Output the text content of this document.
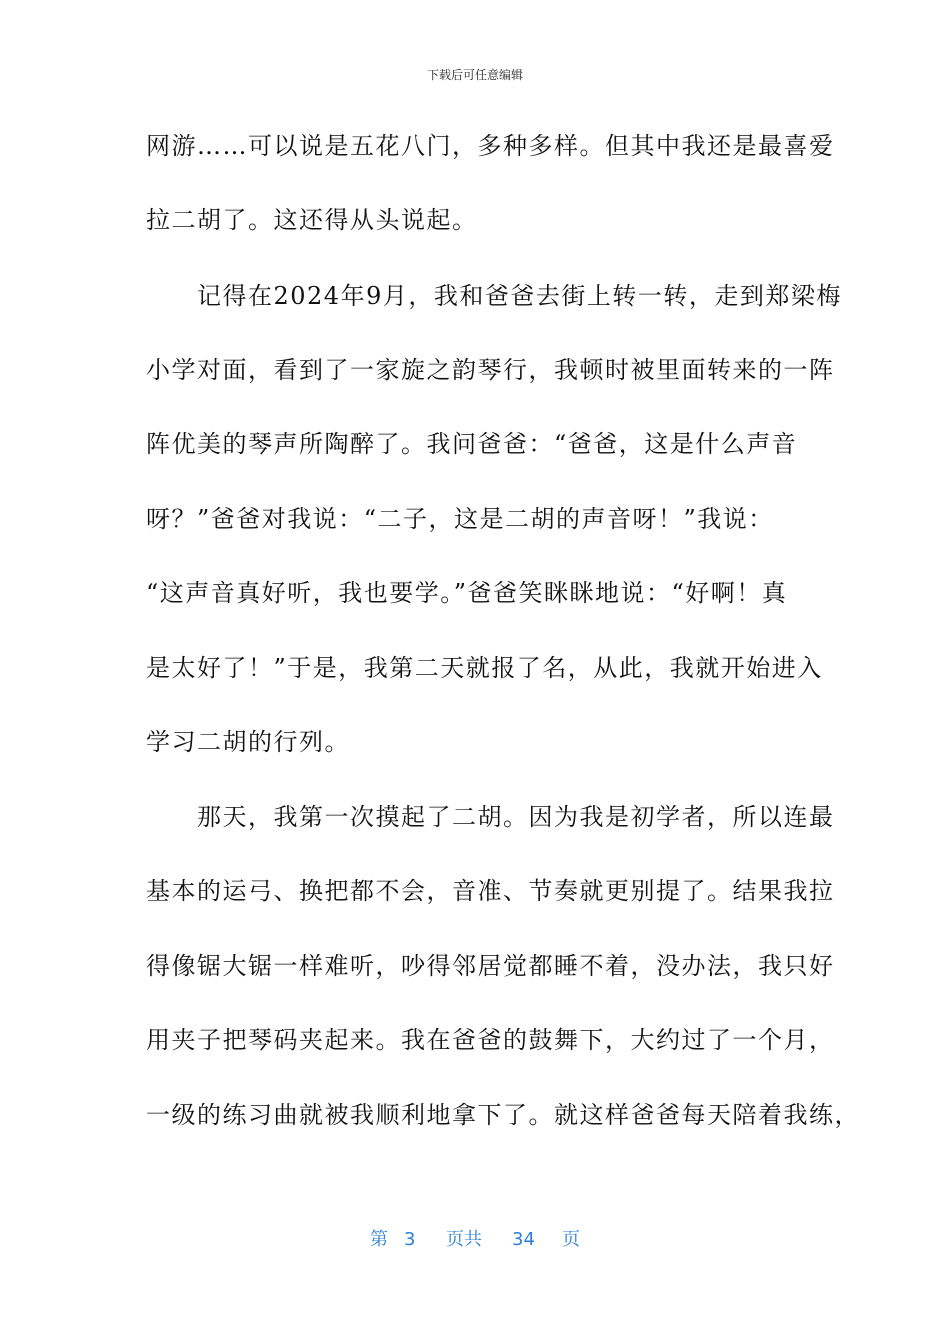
下载后可任意编辑
网游……可以说是五花八门，多种多样。但其中我还是最喜爱
拉二胡了。这还得从头说起。
　　记得在2024年9月，我和爸爸去街上转一转，走到郑梁梅
小学对面，看到了一家旋之韵琴行，我顿时被里面转来的一阵
阵优美的琴声所陶醉了。我问爸爸：“爸爸，这是什么声音
呀？”爸爸对我说：“二子，这是二胡的声音呀！”我说：
“这声音真好听，我也要学。”爸爸笑眯眯地说：“好啊！真
是太好了！”于是，我第二天就报了名，从此，我就开始进入
学习二胡的行列。
　　那天，我第一次摸起了二胡。因为我是初学者，所以连最
基本的运弓、换把都不会，音准、节奏就更别提了。结果我拉
得像锯大锯一样难听，吵得邻居觉都睡不着，没办法，我只好
用夹子把琴码夹起来。我在爸爸的鼓舞下，大约过了一个月，
一级的练习曲就被我顺利地拿下了。就这样爸爸每天陪着我练，
第 3 页共 34 页
